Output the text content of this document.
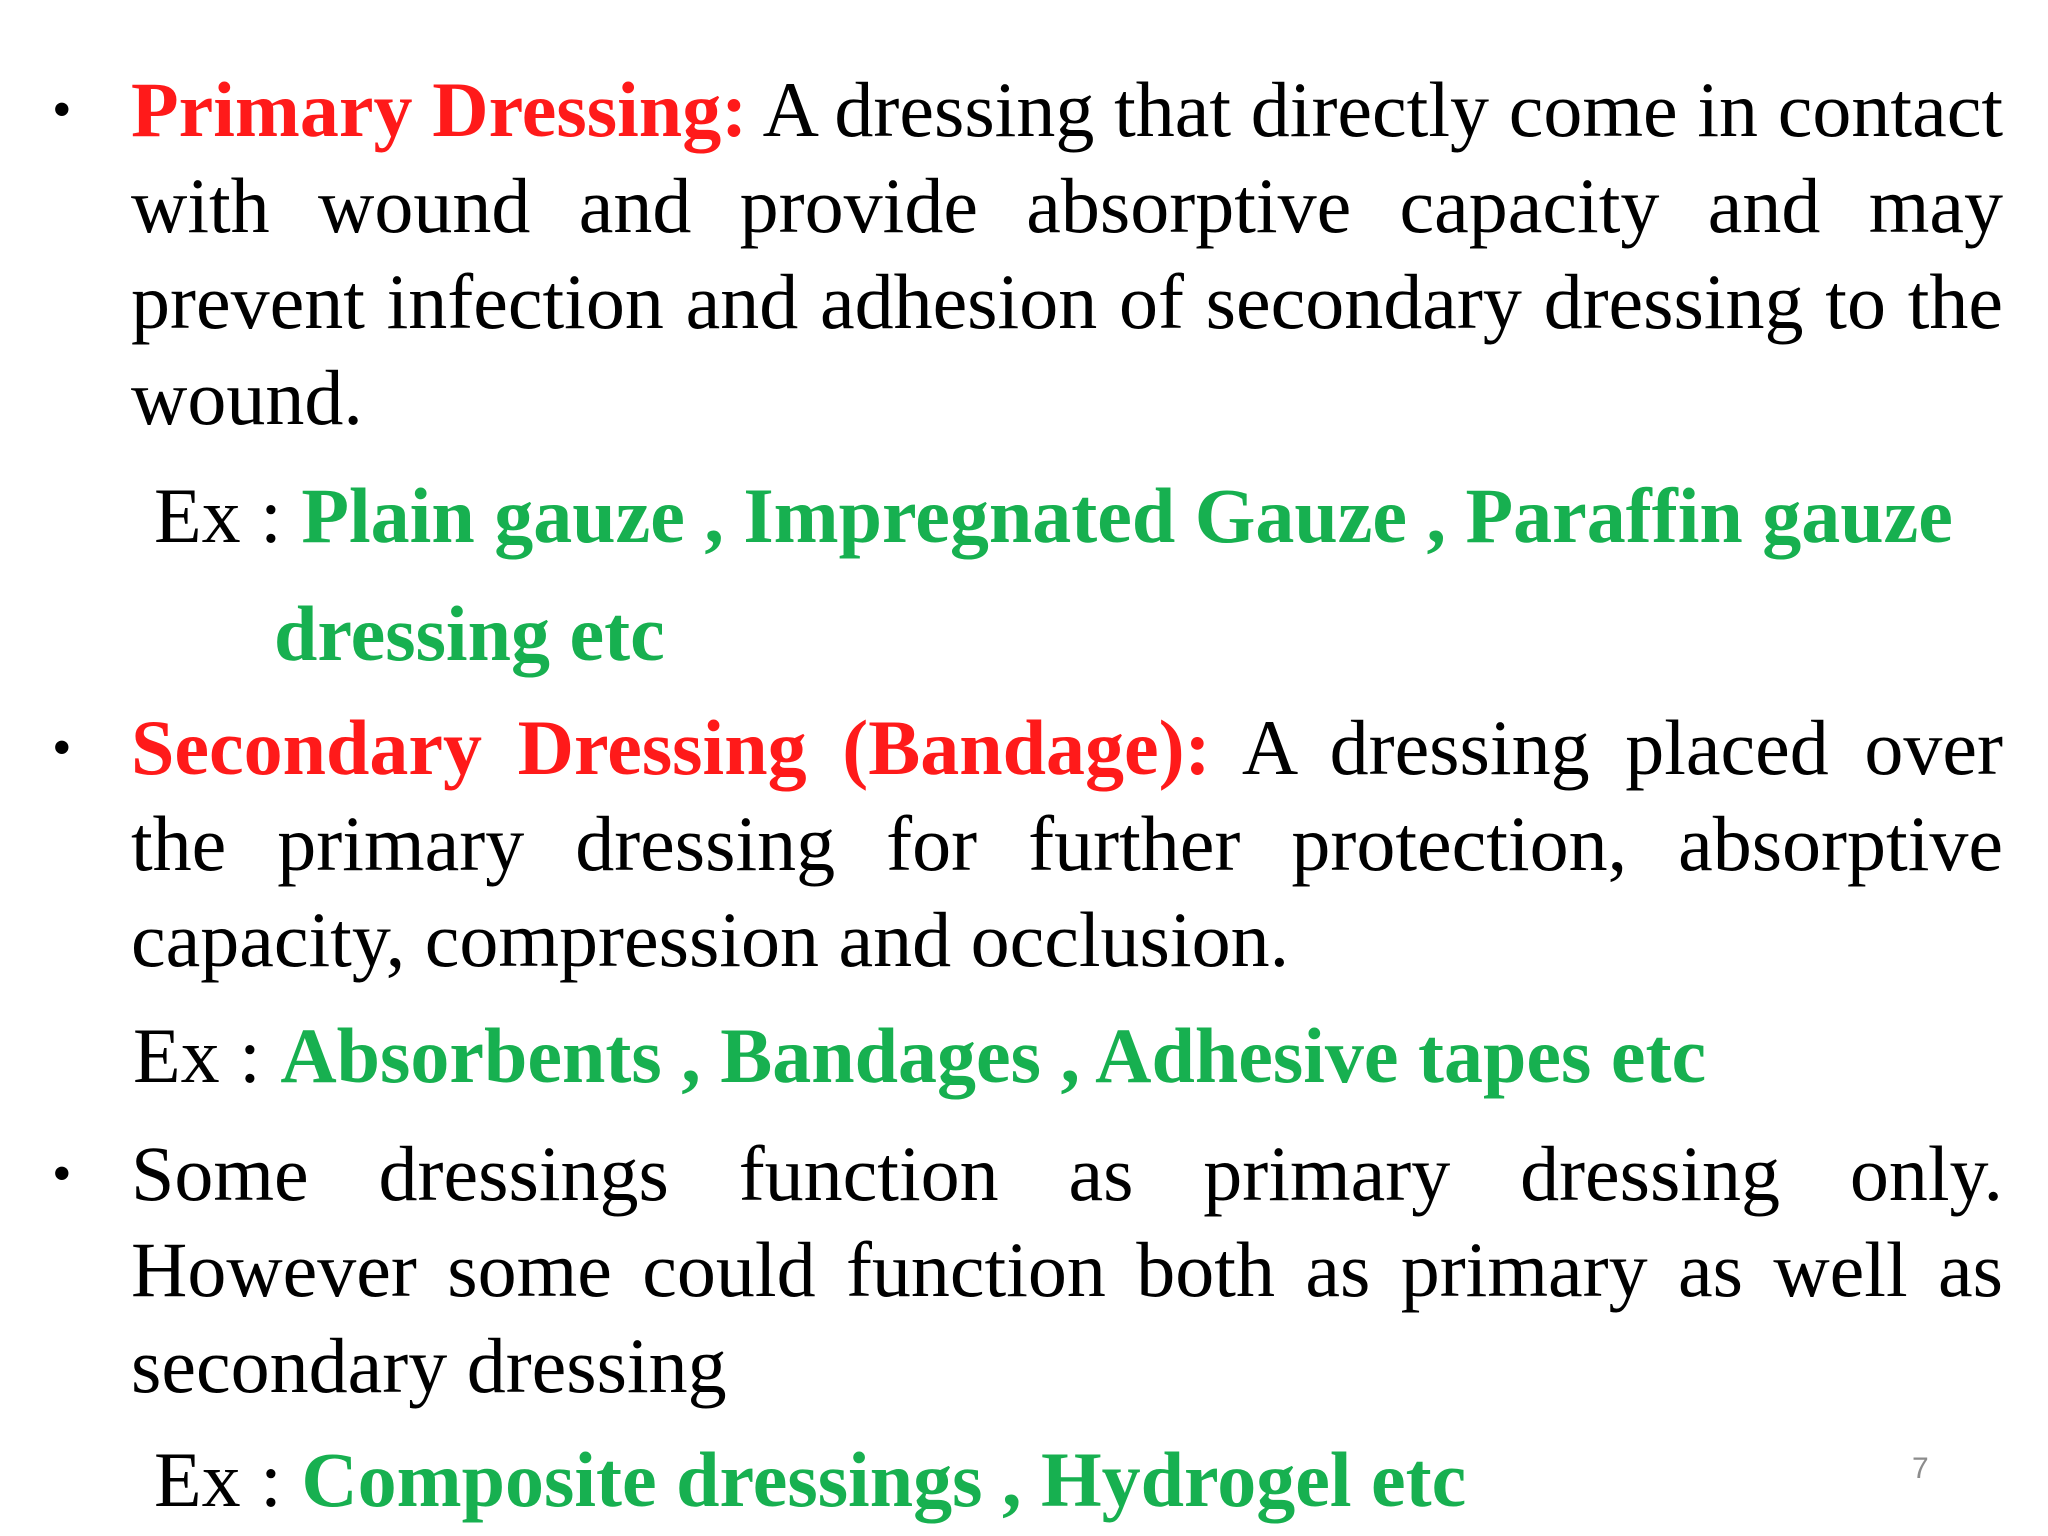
• Primary Dressing: A dressing that directly come in contact with wound and provide absorptive capacity and may prevent infection and adhesion of secondary dressing to the wound.
Ex : Plain gauze , Impregnated Gauze , Paraffin gauze
dressing etc
• Secondary Dressing (Bandage): A dressing placed over the primary dressing for further protection, absorptive capacity, compression and occlusion.
Ex : Absorbents , Bandages , Adhesive tapes etc
• Some dressings function as primary dressing only. However some could function both as primary as well as secondary dressing
Ex : Composite dressings , Hydrogel etc	7
